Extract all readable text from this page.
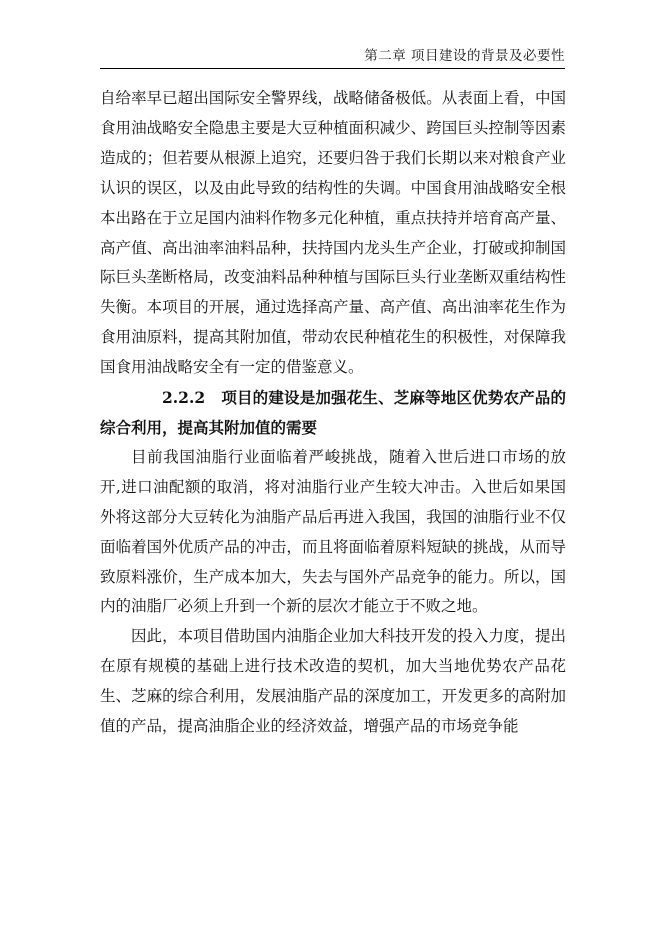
第二章 项目建设的背景及必要性

自给率早已超出国际安全警界线，战略储备极低。从表面上看，中国食用油战略安全隐患主要是大豆种植面积减少、跨国巨头控制等因素造成的；但若要从根源上追究，还要归咎于我们长期以来对粮食产业认识的误区，以及由此导致的结构性的失调。中国食用油战略安全根本出路在于立足国内油料作物多元化种植，重点扶持并培育高产量、高产值、高出油率油料品种，扶持国内龙头生产企业，打破或抑制国际巨头垄断格局，改变油料品种种植与国际巨头行业垄断双重结构性失衡。本项目的开展，通过选择高产量、高产值、高出油率花生作为食用油原料，提高其附加值，带动农民种植花生的积极性，对保障我国食用油战略安全有一定的借鉴意义。

2.2.2 项目的建设是加强花生、芝麻等地区优势农产品的综合利用，提高其附加值的需要

目前我国油脂行业面临着严峻挑战，随着入世后进口市场的放开,进口油配额的取消，将对油脂行业产生较大冲击。入世后如果国外将这部分大豆转化为油脂产品后再进入我国，我国的油脂行业不仅面临着国外优质产品的冲击，而且将面临着原料短缺的挑战，从而导致原料涨价，生产成本加大，失去与国外产品竞争的能力。所以，国内的油脂厂必须上升到一个新的层次才能立于不败之地。

因此，本项目借助国内油脂企业加大科技开发的投入力度，提出在原有规模的基础上进行技术改造的契机，加大当地优势农产品花生、芝麻的综合利用，发展油脂产品的深度加工，开发更多的高附加值的产品，提高油脂企业的经济效益，增强产品的市场竞争能
